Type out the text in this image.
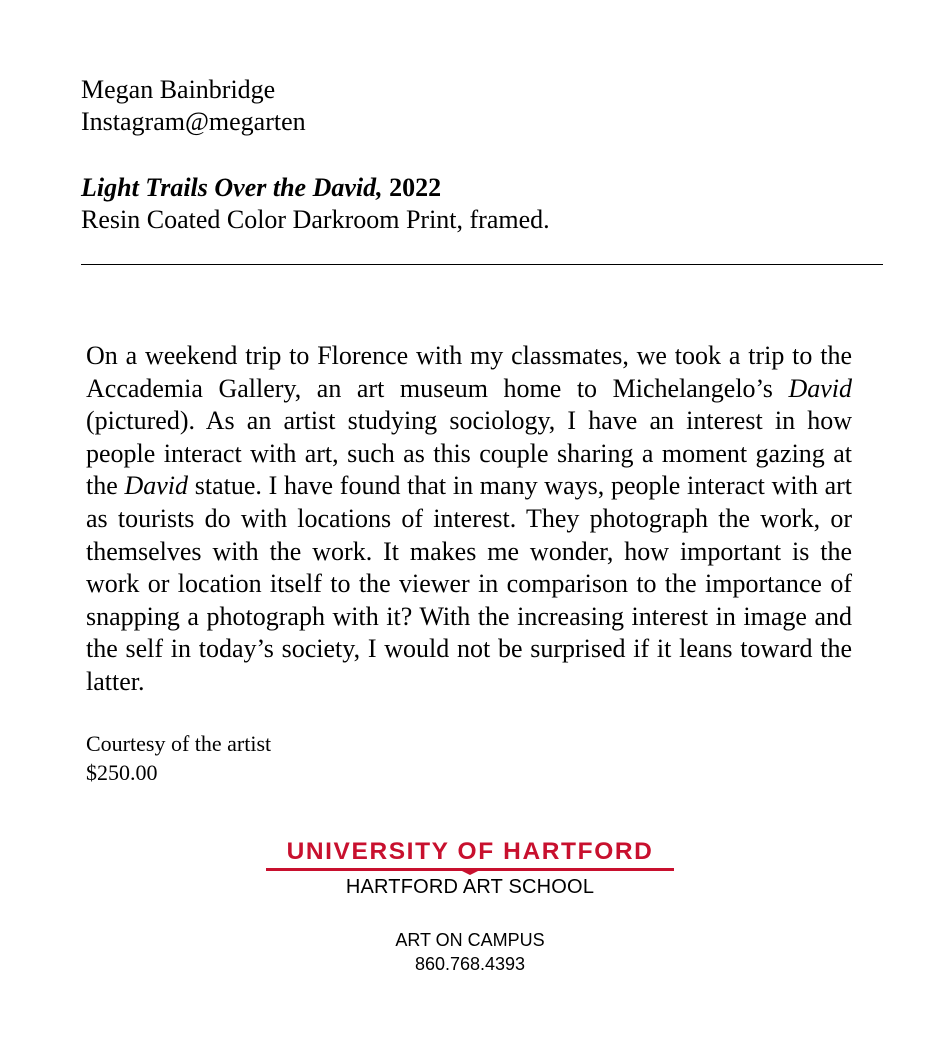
Megan Bainbridge
Instagram@megarten
Light Trails Over the David, 2022
Resin Coated Color Darkroom Print, framed.

On a weekend trip to Florence with my classmates, we took a trip to the Accademia Gallery, an art museum home to Michelangelo’s David (pictured). As an artist studying sociology, I have an interest in how people interact with art, such as this couple sharing a moment gazing at the David statue. I have found that in many ways, people interact with art as tourists do with locations of interest. They photograph the work, or themselves with the work. It makes me wonder, how important is the work or location itself to the viewer in comparison to the importance of snapping a photograph with it? With the increasing interest in image and the self in today’s society, I would not be surprised if it leans toward the latter.

Courtesy of the artist
$250.00
UNIVERSITY OF HARTFORD
HARTFORD ART SCHOOL
ART ON CAMPUS
860.768.4393
